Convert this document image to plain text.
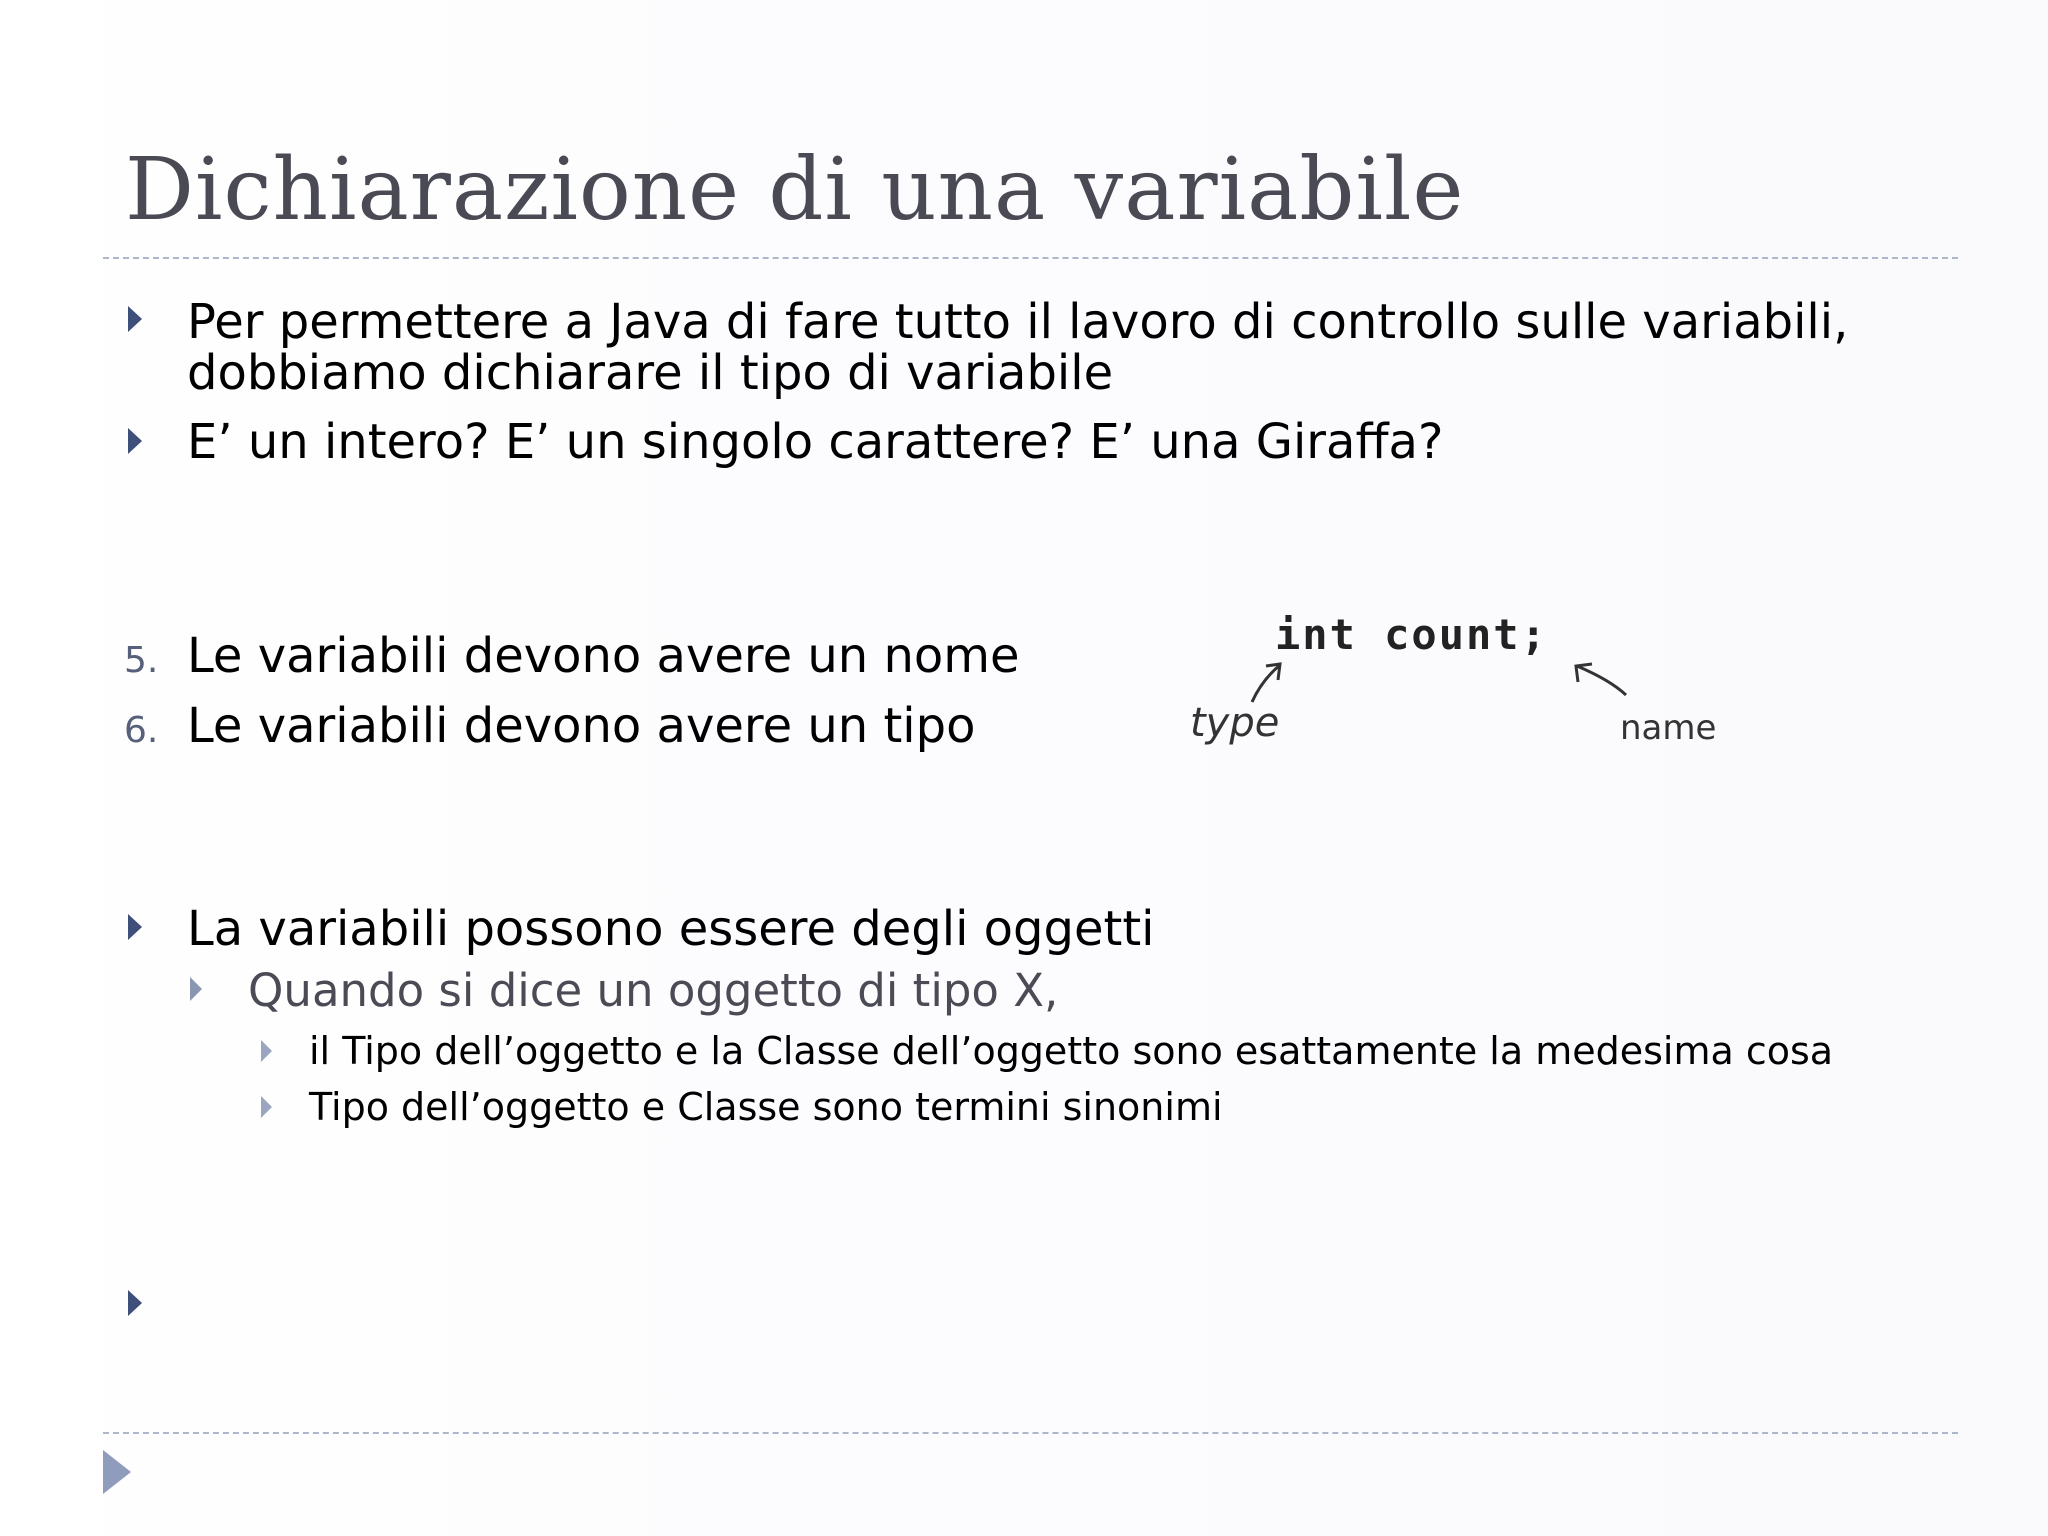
Dichiarazione di una variabile
Per permettere a Java di fare tutto il lavoro di controllo sulle variabili,
dobbiamo dichiarare il tipo di variabile
E’ un intero? E’ un singolo carattere? E’ una Giraffa?
5. Le variabili devono avere un nome
6. Le variabili devono avere un tipo
int count;
type	name
La variabili possono essere degli oggetti
Quando si dice un oggetto di tipo X,
il Tipo dell’oggetto e la Classe dell’oggetto sono esattamente la medesima cosa
Tipo dell’oggetto e Classe sono termini sinonimi
